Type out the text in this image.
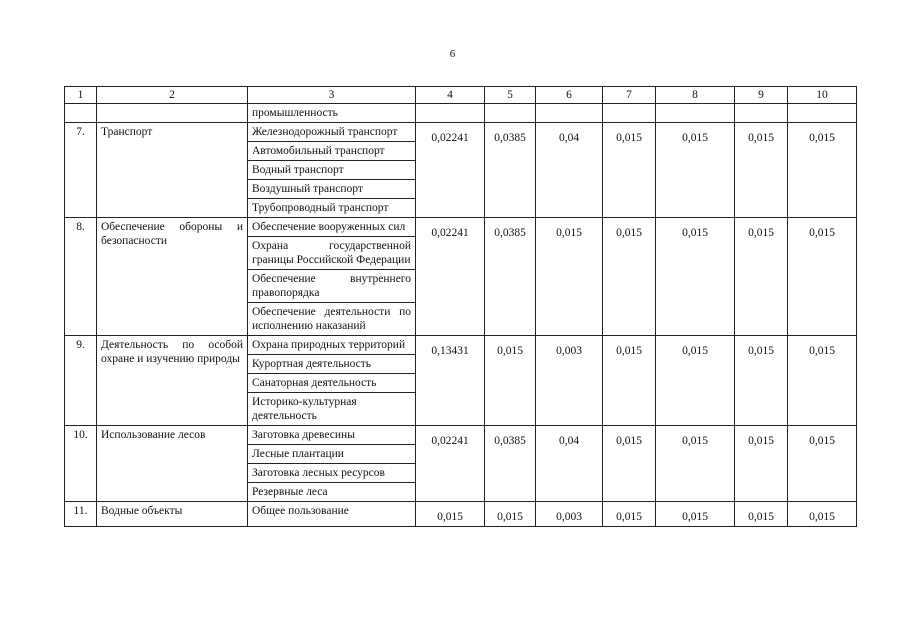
6
1	2	3	4	5	6	7	8	9	10
		промышленность							
7.	Транспорт	Железнодорожный транспорт	0,02241	0,0385	0,04	0,015	0,015	0,015	0,015
		Автомобильный транспорт							
		Водный транспорт							
		Воздушный транспорт							
		Трубопроводный транспорт							
8.	Обеспечение обороны и безопасности	Обеспечение вооруженных сил	0,02241	0,0385	0,015	0,015	0,015	0,015	0,015
		Охрана государственной границы Российской Федерации							
		Обеспечение внутреннего правопорядка							
		Обеспечение деятельности по исполнению наказаний							
9.	Деятельность по особой охране и изучению природы	Охрана природных территорий	0,13431	0,015	0,003	0,015	0,015	0,015	0,015
		Курортная деятельность							
		Санаторная деятельность							
		Историко-культурная деятельность							
10.	Использование лесов	Заготовка древесины	0,02241	0,0385	0,04	0,015	0,015	0,015	0,015
		Лесные плантации							
		Заготовка лесных ресурсов							
		Резервные леса							
11.	Водные объекты	Общее пользование	0,015	0,015	0,003	0,015	0,015	0,015	0,015
